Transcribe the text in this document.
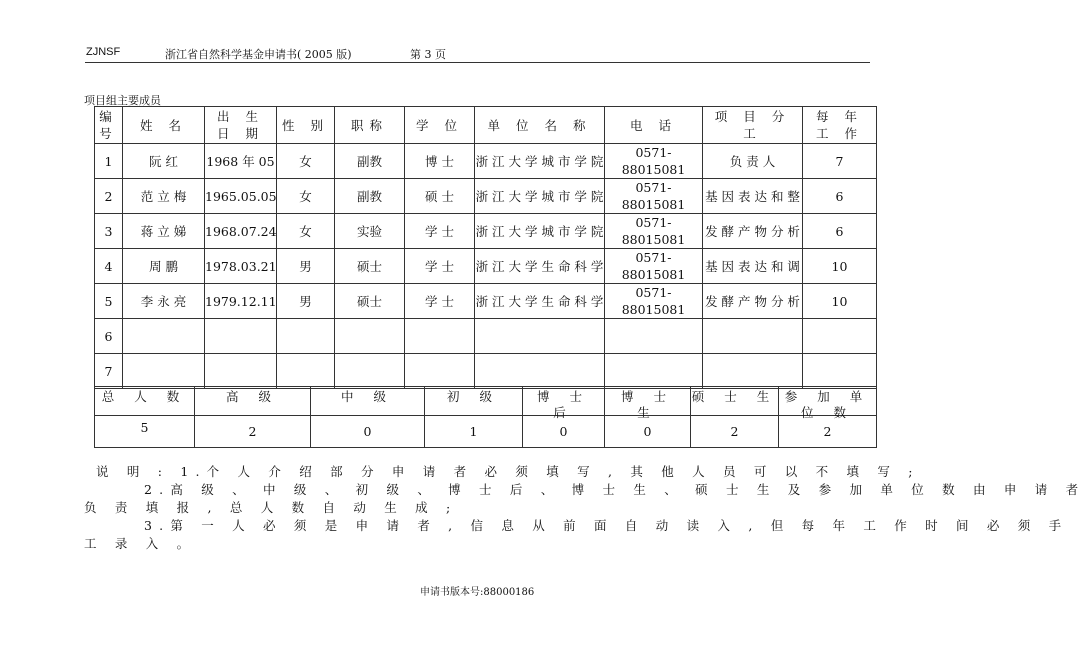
ZJNSF	浙江省自然科学基金申请书( 2005 版)	第 3 页
项目组主要成员
编号	姓 名	出 生 日 期	性 别	职称	学 位	单 位 名 称	电 话	项 目 分 工	每 年 工 作
1	阮 红	1968 年 05	女	副教	博 士	浙 江 大 学 城 市 学 院	0571-88015081	负 责 人	7
2	范 立 梅	1965.05.05	女	副教	硕 士	浙 江 大 学 城 市 学 院	0571-88015081	基 因 表 达 和 整	6
3	蒋 立 娣	1968.07.24	女	实验	学 士	浙 江 大 学 城 市 学 院	0571-88015081	发 酵 产 物 分 析	6
4	周 鹏	1978.03.21	男	硕士	学 士	浙 江 大 学 生 命 科 学	0571-88015081	基 因 表 达 和 调	10
5	李 永 亮	1979.12.11	男	硕士	学 士	浙 江 大 学 生 命 科 学	0571-88015081	发 酵 产 物 分 析	10
6									
7									
总 人 数	高 级	中 级	初 级	博 士 后	博 士 生	硕 士 生	参 加 单 位 数

5	2	0	1	0	0	2	2
说 明 : 1.个 人 介 绍 部 分 申 请 者 必 须 填 写 , 其 他 人 员 可 以 不 填 写 ;
2.高 级 、 中 级 、 初 级 、 博 士 后 、 博 士 生 、 硕 士 生 及 参 加 单 位 数 由 申 请 者
负 责 填 报 , 总 人 数 自 动 生 成 ;
3.第 一 人 必 须 是 申 请 者 , 信 息 从 前 面 自 动 读 入 , 但 每 年 工 作 时 间 必 须 手
工 录 入 。
申请书版本号:88000186
